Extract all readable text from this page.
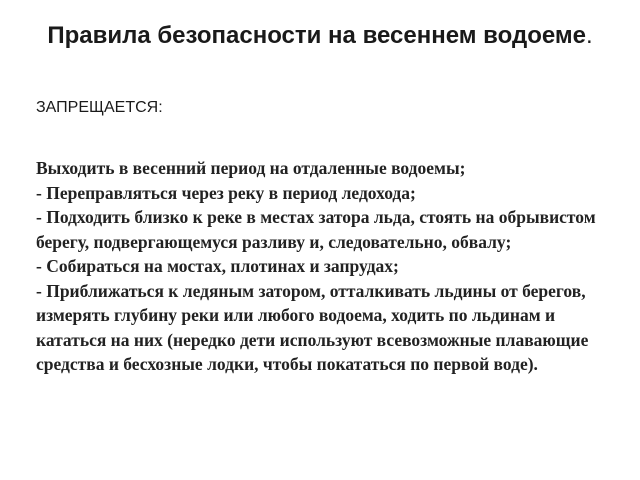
Правила безопасности на весеннем водоеме.
ЗАПРЕЩАЕТСЯ:
Выходить в весенний период на отдаленные водоемы;
- Переправляться через реку в период ледохода;
- Подходить близко к реке в местах затора льда, стоять на обрывистом берегу, подвергающемуся разливу и, следовательно, обвалу;
- Собираться на мостах, плотинах и запрудах;
- Приближаться к ледяным затором, отталкивать льдины от берегов, измерять глубину реки или любого водоема, ходить по льдинам и кататься на них (нередко дети используют всевозможные плавающие средства и бесхозные лодки, чтобы покататься по первой воде).
